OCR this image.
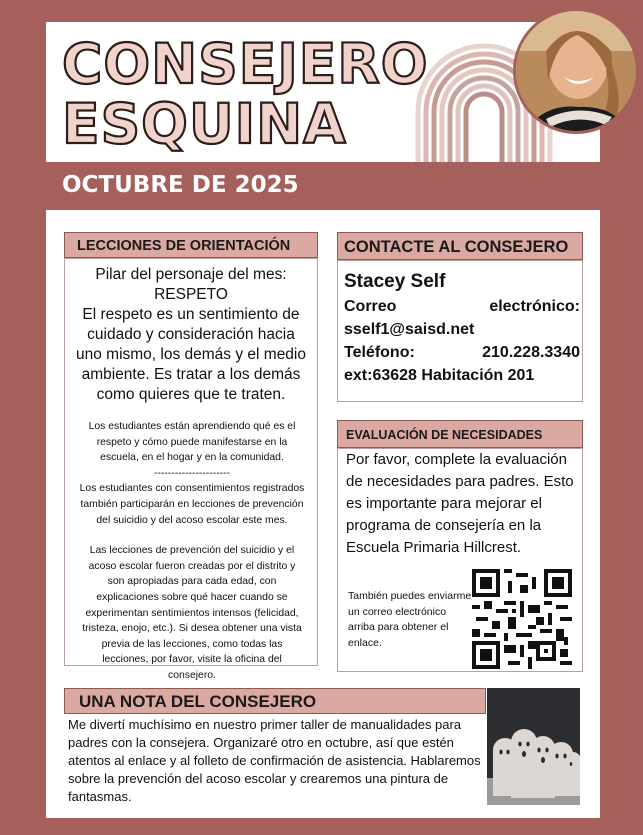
CONSEJERO
ESQUINA
OCTUBRE DE 2025
LECCIONES DE ORIENTACIÓN
Pilar del personaje del mes:
RESPETO
El respeto es un sentimiento de cuidado y consideración hacia uno mismo, los demás y el medio ambiente. Es tratar a los demás como quieres que te traten.
Los estudiantes están aprendiendo qué es el respeto y cómo puede manifestarse en la escuela, en el hogar y en la comunidad.
----------------------
Los estudiantes con consentimientos registrados también participarán en lecciones de prevención del suicidio y del acoso escolar este mes.
Las lecciones de prevención del suicidio y el acoso escolar fueron creadas por el distrito y son apropiadas para cada edad, con explicaciones sobre qué hacer cuando se experimentan sentimientos intensos (felicidad, tristeza, enojo, etc.). Si desea obtener una vista previa de las lecciones, como todas las lecciones, por favor, visite la oficina del consejero.
CONTACTE AL CONSEJERO
Stacey Self
Correo	electrónico:
sself1@saisd.net
Teléfono:	210.228.3340
ext:63628 Habitación 201
EVALUACIÓN DE NECESIDADES
Por favor, complete la evaluación de necesidades para padres. Esto es importante para mejorar el programa de consejería en la Escuela Primaria Hillcrest.
También puedes enviarme un correo electrónico arriba para obtener el enlace.
UNA NOTA DEL CONSEJERO
Me divertí muchísimo en nuestro primer taller de manualidades para padres con la consejera. Organizaré otro en octubre, así que estén atentos al enlace y al folleto de confirmación de asistencia. Hablaremos sobre la prevención del acoso escolar y crearemos una pintura de fantasmas.
